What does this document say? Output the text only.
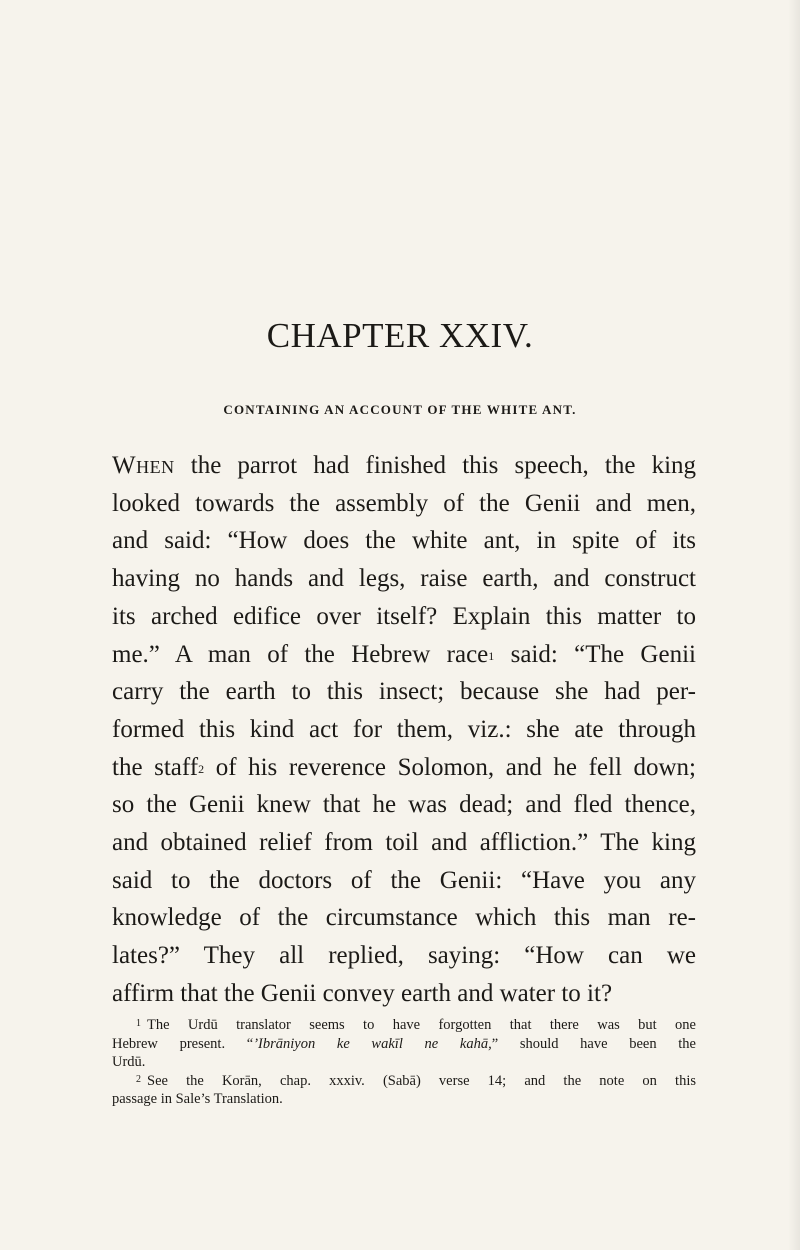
CHAPTER XXIV.

CONTAINING AN ACCOUNT OF THE WHITE ANT.

When the parrot had finished this speech, the king
looked towards the assembly of the Genii and men,
and said: “How does the white ant, in spite of its
having no hands and legs, raise earth, and construct
its arched edifice over itself? Explain this matter to
me.” A man of the Hebrew race$^1$ said: “The Genii
carry the earth to this insect; because she had per-
formed this kind act for them, viz.: she ate through
the staff$^2$ of his reverence Solomon, and he fell down;
so the Genii knew that he was dead; and fled thence,
and obtained relief from toil and affliction.” The king
said to the doctors of the Genii: “Have you any
knowledge of the circumstance which this man re-
lates?” They all replied, saying: “How can we
affirm that the Genii convey earth and water to it?
$^1$ The Urdū translator seems to have forgotten that there was but one
Hebrew present. “’Ibrāniyon ke wakīl ne kahā,” should have been the
Urdū.
$^2$ See the Korān, chap. xxxiv. (Sabā) verse 14; and the note on this
passage in Sale’s Translation.
